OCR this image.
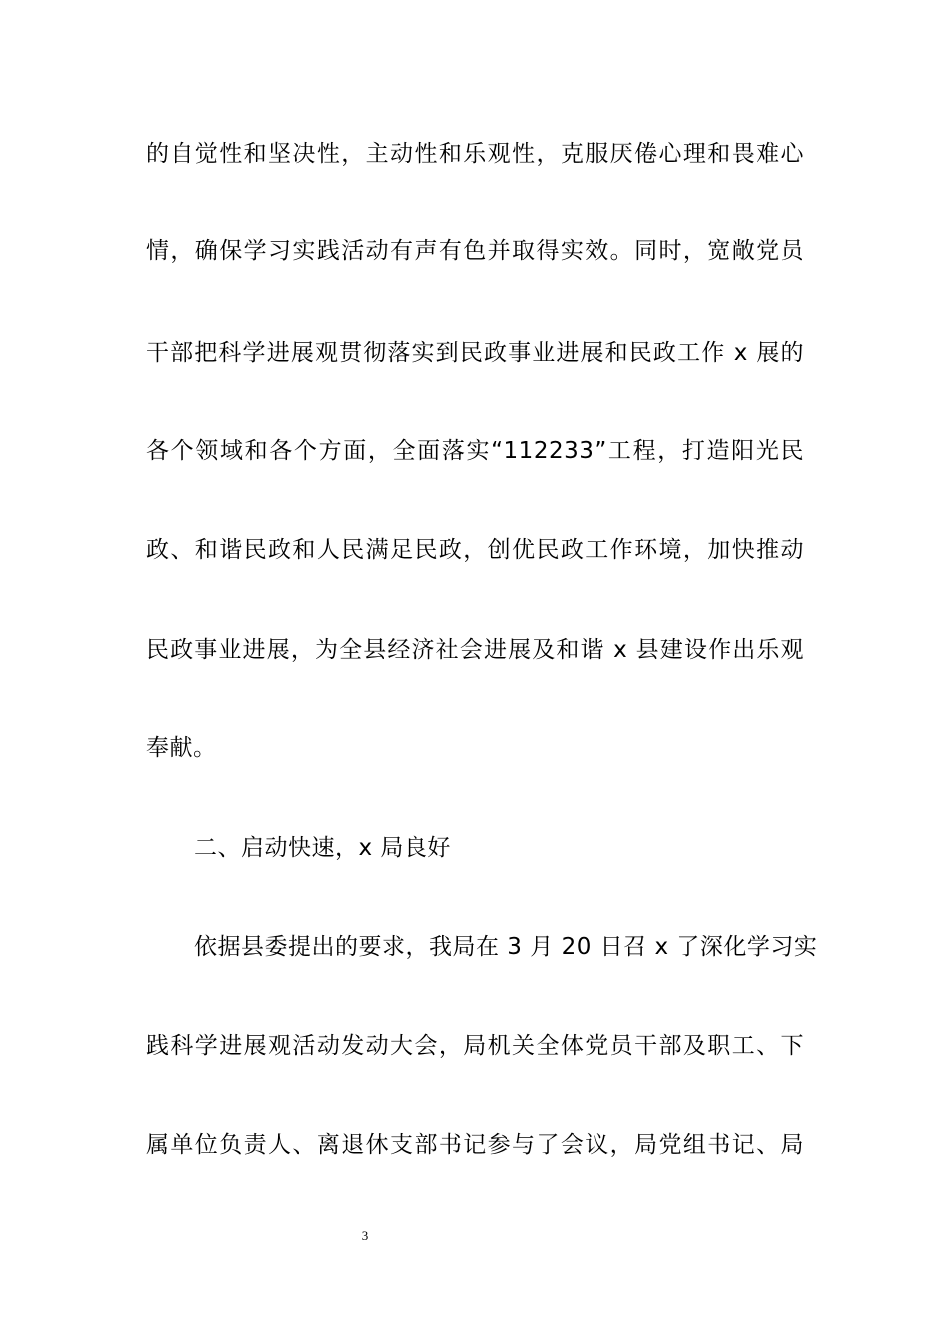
的自觉性和坚决性，主动性和乐观性，克服厌倦心理和畏难心
情，确保学习实践活动有声有色并取得实效。同时，宽敞党员
干部把科学进展观贯彻落实到民政事业进展和民政工作 x 展的
各个领域和各个方面，全面落实“112233”工程，打造阳光民
政、和谐民政和人民满足民政，创优民政工作环境，加快推动
民政事业进展，为全县经济社会进展及和谐 x 县建设作出乐观
奉献。
二、启动快速，x 局良好
依据县委提出的要求，我局在 3 月 20 日召 x 了深化学习实
践科学进展观活动发动大会，局机关全体党员干部及职工、下
属单位负责人、离退休支部书记参与了会议，局党组书记、局
3
